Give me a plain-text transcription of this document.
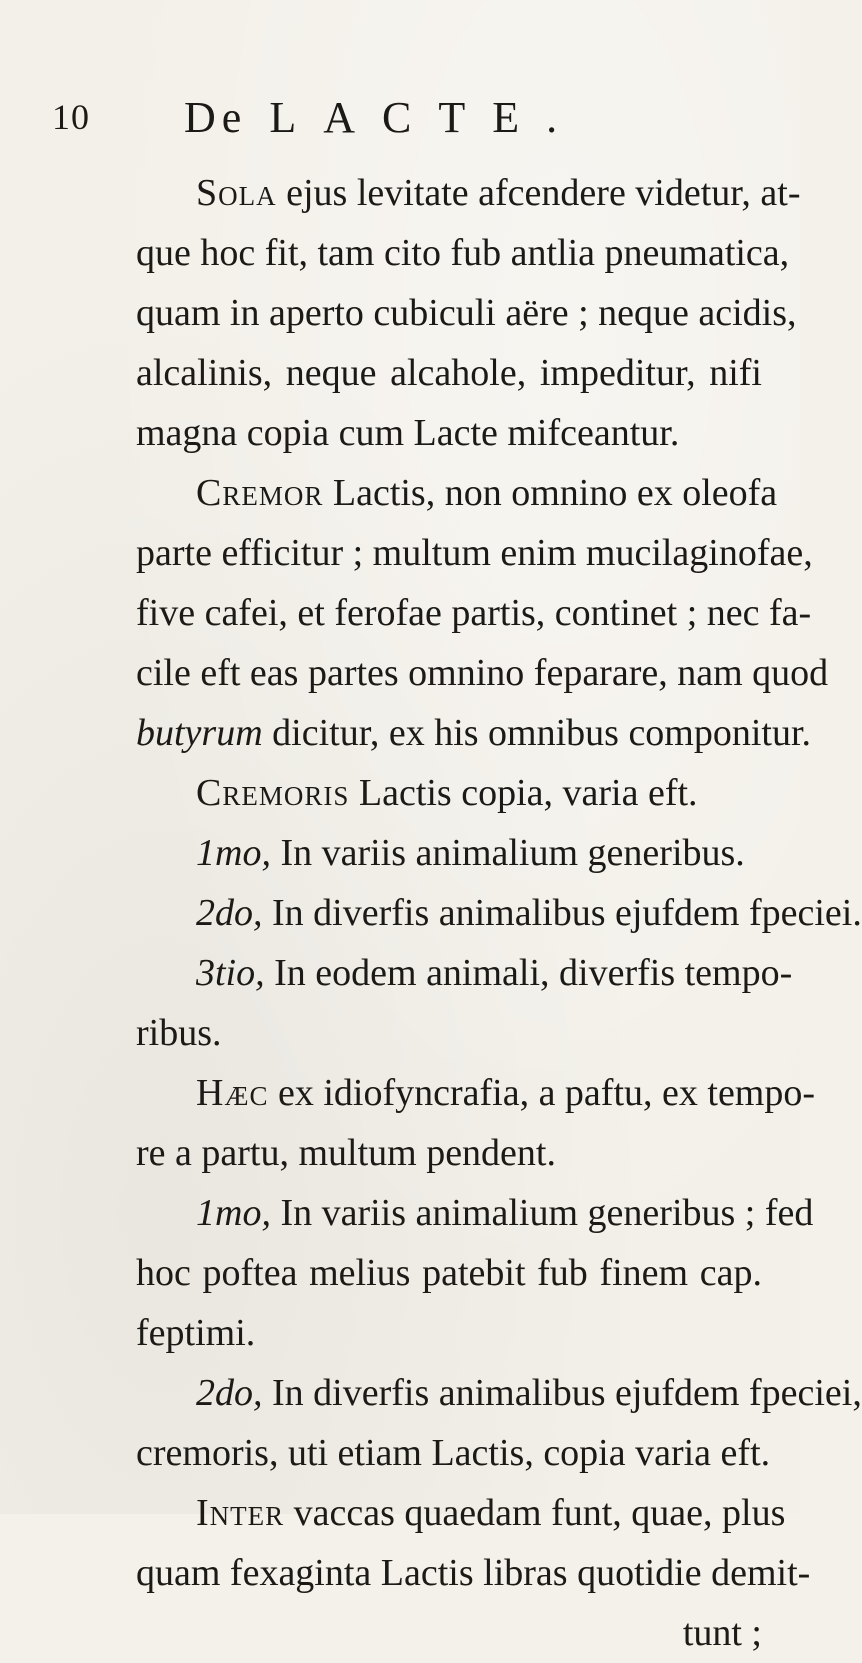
10 De LACTE.
Sola ejus levitate afcendere videtur, at-
que hoc fit, tam cito fub antlia pneumatica,
quam in aperto cubiculi aëre ; neque acidis,
alcalinis, neque alcahole, impeditur, nifi
magna copia cum Lacte mifceantur.
Cremor Lactis, non omnino ex oleofa
parte efficitur ; multum enim mucilaginofae,
five cafei, et ferofae partis, continet ; nec fa-
cile eft eas partes omnino feparare, nam quod
butyrum dicitur, ex his omnibus componitur.
Cremoris Lactis copia, varia eft.
1mo, In variis animalium generibus.
2do, In diverfis animalibus ejufdem fpeciei.
3tio, In eodem animali, diverfis tempo-
ribus.
Hæc ex idiofyncrafia, a paftu, ex tempo-
re a partu, multum pendent.
1mo, In variis animalium generibus ; fed
hoc poftea melius patebit fub finem cap.
feptimi.
2do, In diverfis animalibus ejufdem fpeciei,
cremoris, uti etiam Lactis, copia varia eft.
Inter vaccas quaedam funt, quae, plus
quam fexaginta Lactis libras quotidie demit-
tunt ;
